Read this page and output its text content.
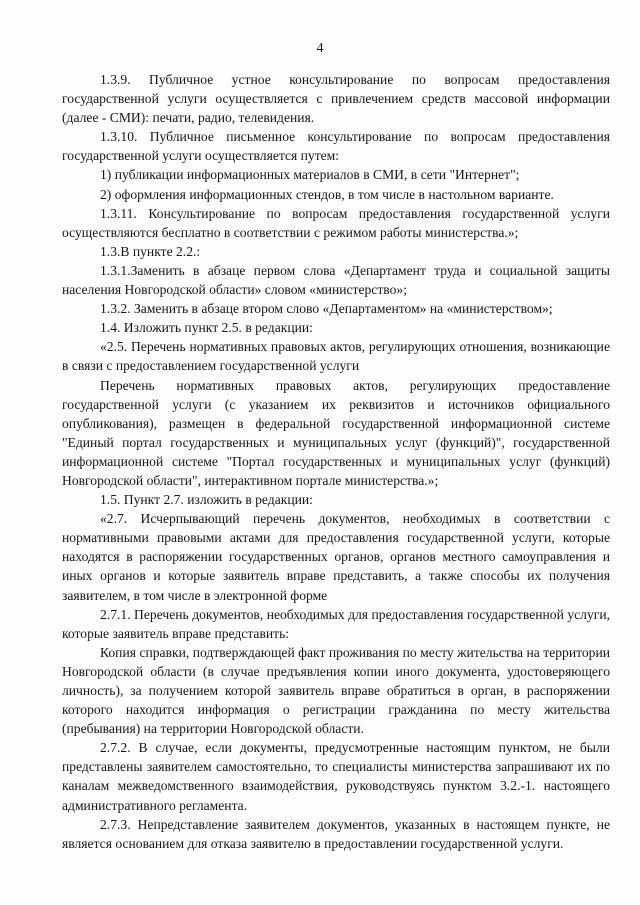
4

1.3.9. Публичное устное консультирование по вопросам предоставления государственной услуги осуществляется с привлечением средств массовой информации (далее - СМИ): печати, радио, телевидения.

1.3.10. Публичное письменное консультирование по вопросам предоставления государственной услуги осуществляется путем:

1) публикации информационных материалов в СМИ, в сети "Интернет";

2) оформления информационных стендов, в том числе в настольном варианте.

1.3.11. Консультирование по вопросам предоставления государственной услуги осуществляются бесплатно в соответствии с режимом работы министерства.»;

1.3.В пункте 2.2.:

1.3.1.Заменить в абзаце первом слова «Департамент труда и социальной защиты населения Новгородской области» словом «министерство»;

1.3.2. Заменить в абзаце втором слово «Департаментом» на «министерством»;

1.4. Изложить пункт 2.5. в редакции:

«2.5. Перечень нормативных правовых актов, регулирующих отношения, возникающие в связи с предоставлением государственной услуги

Перечень нормативных правовых актов, регулирующих предоставление государственной услуги (с указанием их реквизитов и источников официального опубликования), размещен в федеральной государственной информационной системе "Единый портал государственных и муниципальных услуг (функций)", государственной информационной системе "Портал государственных и муниципальных услуг (функций) Новгородской области", интерактивном портале министерства.»;

1.5. Пункт 2.7. изложить в редакции:

«2.7. Исчерпывающий перечень документов, необходимых в соответствии с нормативными правовыми актами для предоставления государственной услуги, которые находятся в распоряжении государственных органов, органов местного самоуправления и иных органов и которые заявитель вправе представить, а также способы их получения заявителем, в том числе в электронной форме

2.7.1. Перечень документов, необходимых для предоставления государственной услуги, которые заявитель вправе представить:

Копия справки, подтверждающей факт проживания по месту жительства на территории Новгородской области (в случае предъявления копии иного документа, удостоверяющего личность), за получением которой заявитель вправе обратиться в орган, в распоряжении которого находится информация о регистрации гражданина по месту жительства (пребывания) на территории Новгородской области.

2.7.2. В случае, если документы, предусмотренные настоящим пунктом, не были представлены заявителем самостоятельно, то специалисты министерства запрашивают их по каналам межведомственного взаимодействия, руководствуясь пунктом 3.2.-1. настоящего административного регламента.

2.7.3. Непредставление заявителем документов, указанных в настоящем пункте, не является основанием для отказа заявителю в предоставлении государственной услуги.
